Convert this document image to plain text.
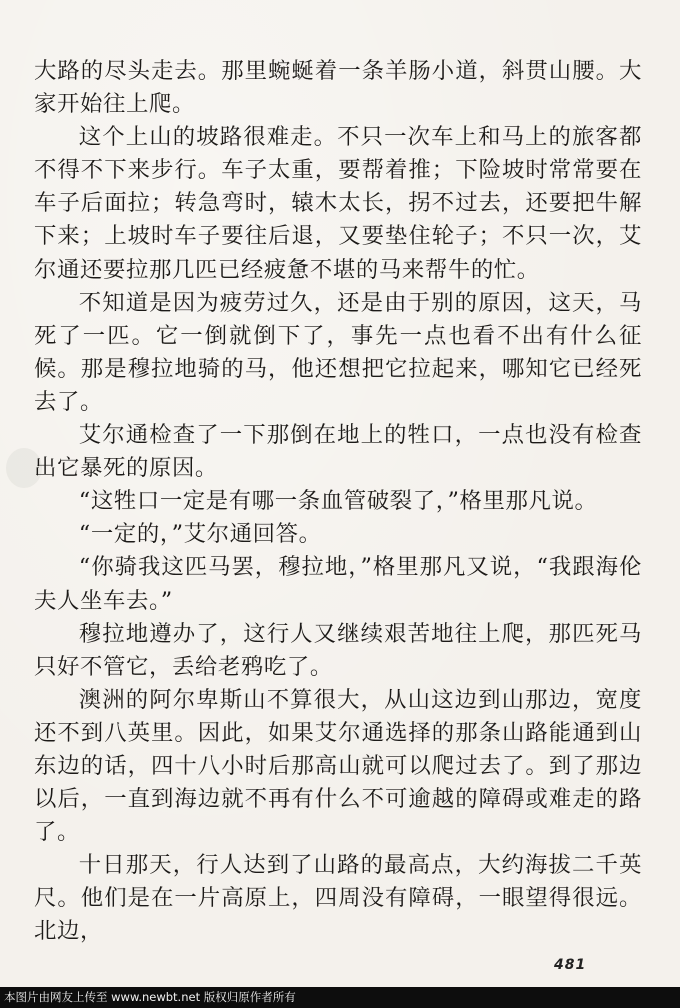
大路的尽头走去。那里蜿蜒着一条羊肠小道，斜贯山腰。大家开始往上爬。

这个上山的坡路很难走。不只一次车上和马上的旅客都不得不下来步行。车子太重，要帮着推；下险坡时常常要在车子后面拉；转急弯时，辕木太长，拐不过去，还要把牛解下来；上坡时车子要往后退，又要垫住轮子；不只一次，艾尔通还要拉那几匹已经疲惫不堪的马来帮牛的忙。

不知道是因为疲劳过久，还是由于别的原因，这天，马死了一匹。它一倒就倒下了，事先一点也看不出有什么征候。那是穆拉地骑的马，他还想把它拉起来，哪知它已经死去了。

艾尔通检查了一下那倒在地上的牲口，一点也没有检查出它暴死的原因。

“这牲口一定是有哪一条血管破裂了，”格里那凡说。

“一定的，”艾尔通回答。

“你骑我这匹马罢，穆拉地，”格里那凡又说，“我跟海伦夫人坐车去。”

穆拉地遵办了，这行人又继续艰苦地往上爬，那匹死马只好不管它，丢给老鸦吃了。

澳洲的阿尔卑斯山不算很大，从山这边到山那边，宽度还不到八英里。因此，如果艾尔通选择的那条山路能通到山东边的话，四十八小时后那高山就可以爬过去了。到了那边以后，一直到海边就不再有什么不可逾越的障碍或难走的路了。

十日那天，行人达到了山路的最高点，大约海拔二千英尺。他们是在一片高原上，四周没有障碍，一眼望得很远。北边，

481
本图片由网友上传至 www.newbt.net 版权归原作者所有
